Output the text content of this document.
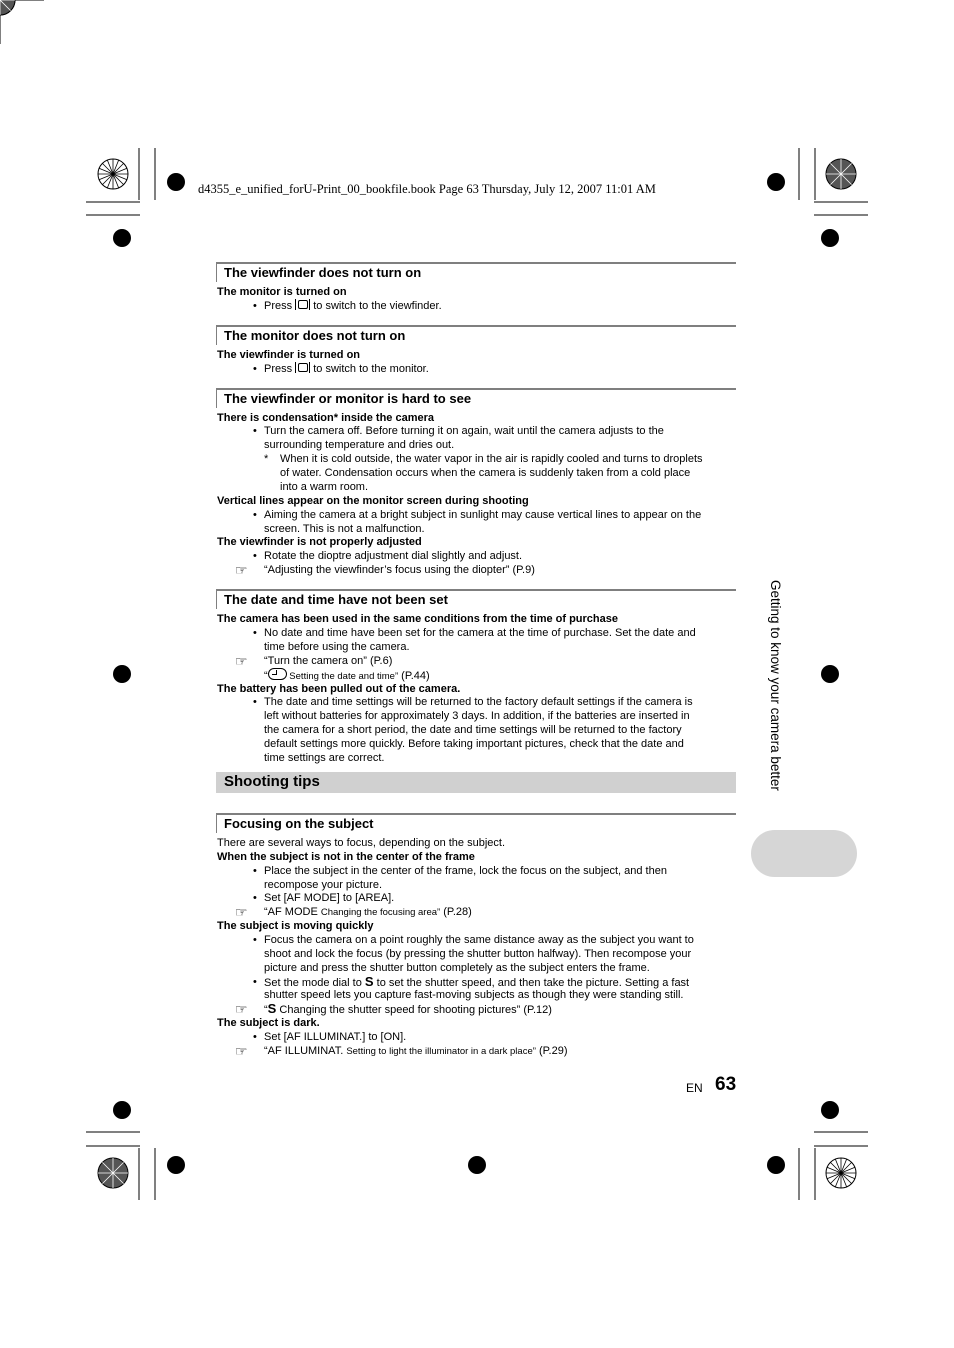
d4355_e_unified_forU-Print_00_bookfile.book Page 63 Thursday, July 12, 2007 11:01 AM
The viewfinder does not turn on
The monitor is turned on
• Press
to switch to the viewfinder.
The monitor does not turn on
The viewfinder is turned on
• Press
to switch to the monitor.
The viewfinder or monitor is hard to see
There is condensation* inside the camera
• Turn the camera off. Before turning it on again, wait until the camera adjusts to the
surrounding temperature and dries out.
* When it is cold outside, the water vapor in the air is rapidly cooled and turns to droplets
of water. Condensation occurs when the camera is suddenly taken from a cold place
into a warm room.
Vertical lines appear on the monitor screen during shooting
• Aiming the camera at a bright subject in sunlight may cause vertical lines to appear on the
screen. This is not a malfunction.
The viewfinder is not properly adjusted
• Rotate the dioptre adjustment dial slightly and adjust.
☞ “Adjusting the viewfinder’s focus using the diopter” (P.9)
The date and time have not been set
The camera has been used in the same conditions from the time of purchase
• No date and time have been set for the camera at the time of purchase. Set the date and
time before using the camera.
☞ “Turn the camera on” (P.6)
“
Setting the date and time” (P.44)
The battery has been pulled out of the camera.
• The date and time settings will be returned to the factory default settings if the camera is
left without batteries for approximately 3 days. In addition, if the batteries are inserted in
the camera for a short period, the date and time settings will be returned to the factory
default settings more quickly. Before taking important pictures, check that the date and
time settings are correct.
Shooting tips
Focusing on the subject
There are several ways to focus, depending on the subject.
When the subject is not in the center of the frame
• Place the subject in the center of the frame, lock the focus on the subject, and then
recompose your picture.
• Set [AF MODE] to [AREA].
☞ “AF MODE Changing the focusing area” (P.28)
The subject is moving quickly
• Focus the camera on a point roughly the same distance away as the subject you want to
shoot and lock the focus (by pressing the shutter button halfway). Then recompose your
picture and press the shutter button completely as the subject enters the frame.
• Set the mode dial to S to set the shutter speed, and then take the picture. Setting a fast
shutter speed lets you capture fast-moving subjects as though they were standing still.
☞ “S Changing the shutter speed for shooting pictures” (P.12)
The subject is dark.
• Set [AF ILLUMINAT.] to [ON].
☞ “AF ILLUMINAT. Setting to light the illuminator in a dark place” (P.29)
Getting to know your camera better
EN 63
